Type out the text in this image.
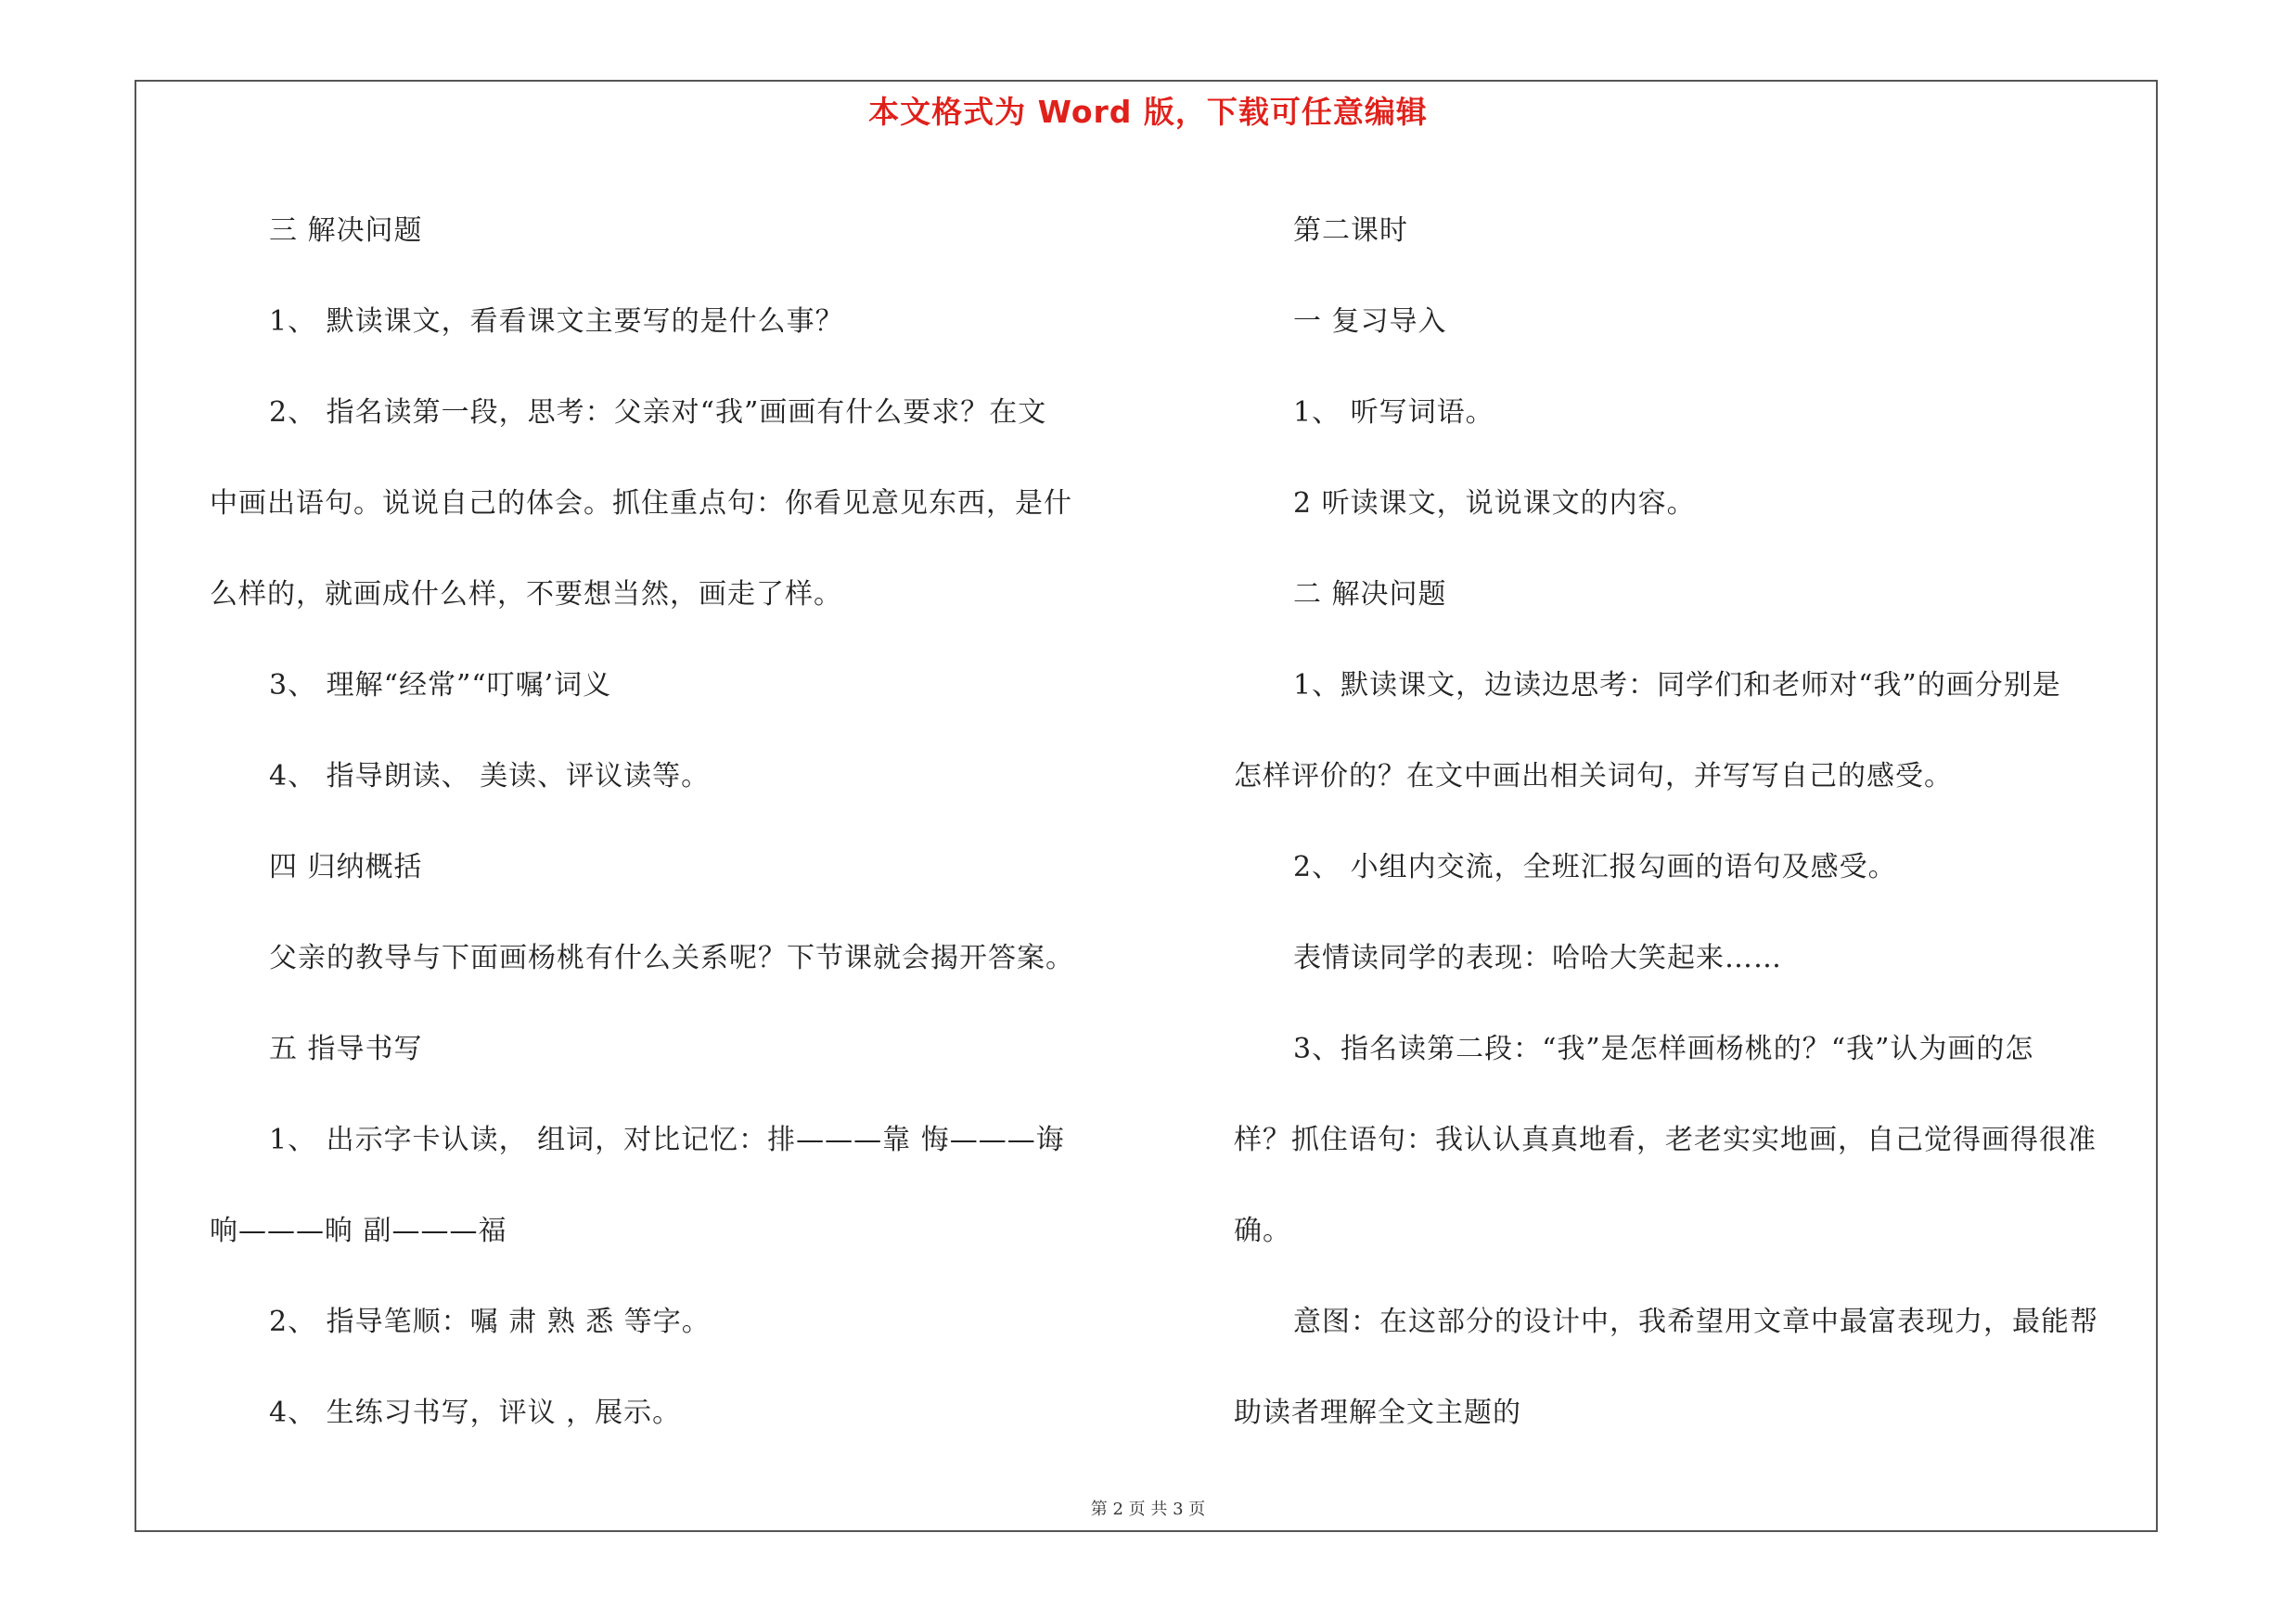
本文格式为 Word 版，下载可任意编辑
三 解决问题
1、 默读课文，看看课文主要写的是什么事？
2、 指名读第一段，思考：父亲对“我”画画有什么要求？在文
中画出语句。说说自己的体会。抓住重点句：你看见意见东西，是什
么样的，就画成什么样，不要想当然，画走了样。
3、 理解“经常”“叮嘱’词义
4、 指导朗读、 美读、评议读等。
四 归纳概括
父亲的教导与下面画杨桃有什么关系呢？下节课就会揭开答案。
五 指导书写
1、 出示字卡认读， 组词，对比记忆：排———靠 悔———诲
响———晌 副———福
2、 指导笔顺：嘱 肃 熟 悉 等字。
4、 生练习书写，评议 ，展示。
第二课时
一 复习导入
1、 听写词语。
2 听读课文，说说课文的内容。
二 解决问题
1、默读课文，边读边思考：同学们和老师对“我”的画分别是
怎样评价的？在文中画出相关词句，并写写自己的感受。
2、 小组内交流，全班汇报勾画的语句及感受。
表情读同学的表现：哈哈大笑起来……
3、指名读第二段：“我”是怎样画杨桃的？“我”认为画的怎
样？抓住语句：我认认真真地看，老老实实地画，自己觉得画得很准
确。
意图：在这部分的设计中，我希望用文章中最富表现力，最能帮
助读者理解全文主题的
第 2 页 共 3 页
